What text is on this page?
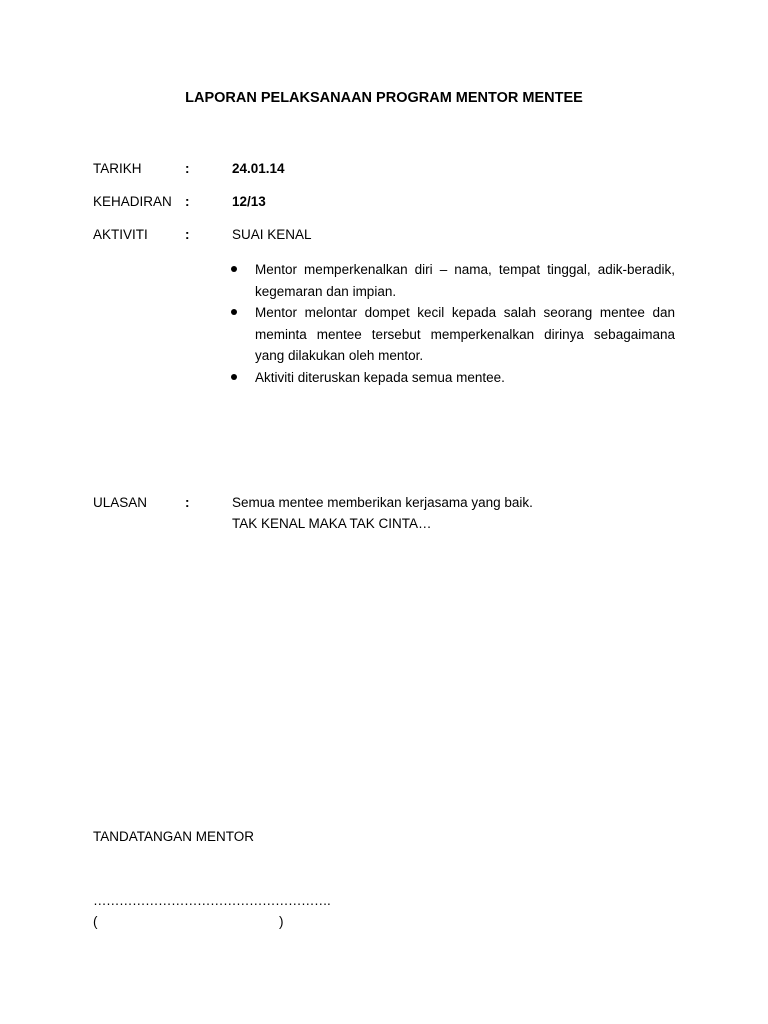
LAPORAN PELAKSANAAN PROGRAM MENTOR MENTEE
TARIKH	:	24.01.14
KEHADIRAN :	12/13
AKTIVITI	:	SUAI KENAL
Mentor memperkenalkan diri – nama, tempat tinggal, adik-beradik, kegemaran dan impian.
Mentor melontar dompet kecil kepada salah seorang mentee dan meminta mentee tersebut memperkenalkan dirinya sebagaimana yang dilakukan oleh mentor.
Aktiviti diteruskan kepada semua mentee.
ULASAN	:	Semua mentee memberikan kerjasama yang baik.
TAK KENAL MAKA TAK CINTA…
TANDATANGAN MENTOR
……………………………………………….
(	)
